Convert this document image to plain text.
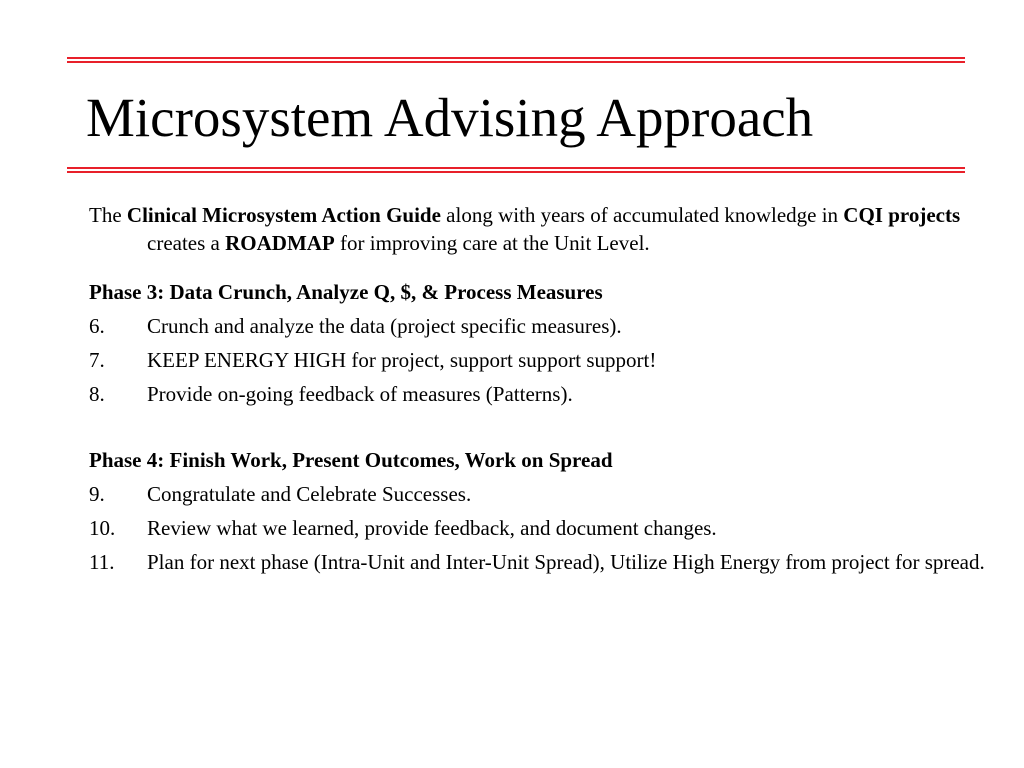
Microsystem Advising Approach

The Clinical Microsystem Action Guide along with years of accumulated knowledge in CQI projects creates a ROADMAP for improving care at the Unit Level.

Phase 3: Data Crunch, Analyze Q, $, & Process Measures

6.	Crunch and analyze the data (project specific measures).
7.	KEEP ENERGY HIGH for project, support support support!
8.	Provide on-going feedback of measures (Patterns).

Phase 4: Finish Work, Present Outcomes, Work on Spread

9.	Congratulate and Celebrate Successes.
10.	Review what we learned, provide feedback, and document changes.
11.	Plan for next phase (Intra-Unit and Inter-Unit Spread), Utilize High Energy from project for spread.
